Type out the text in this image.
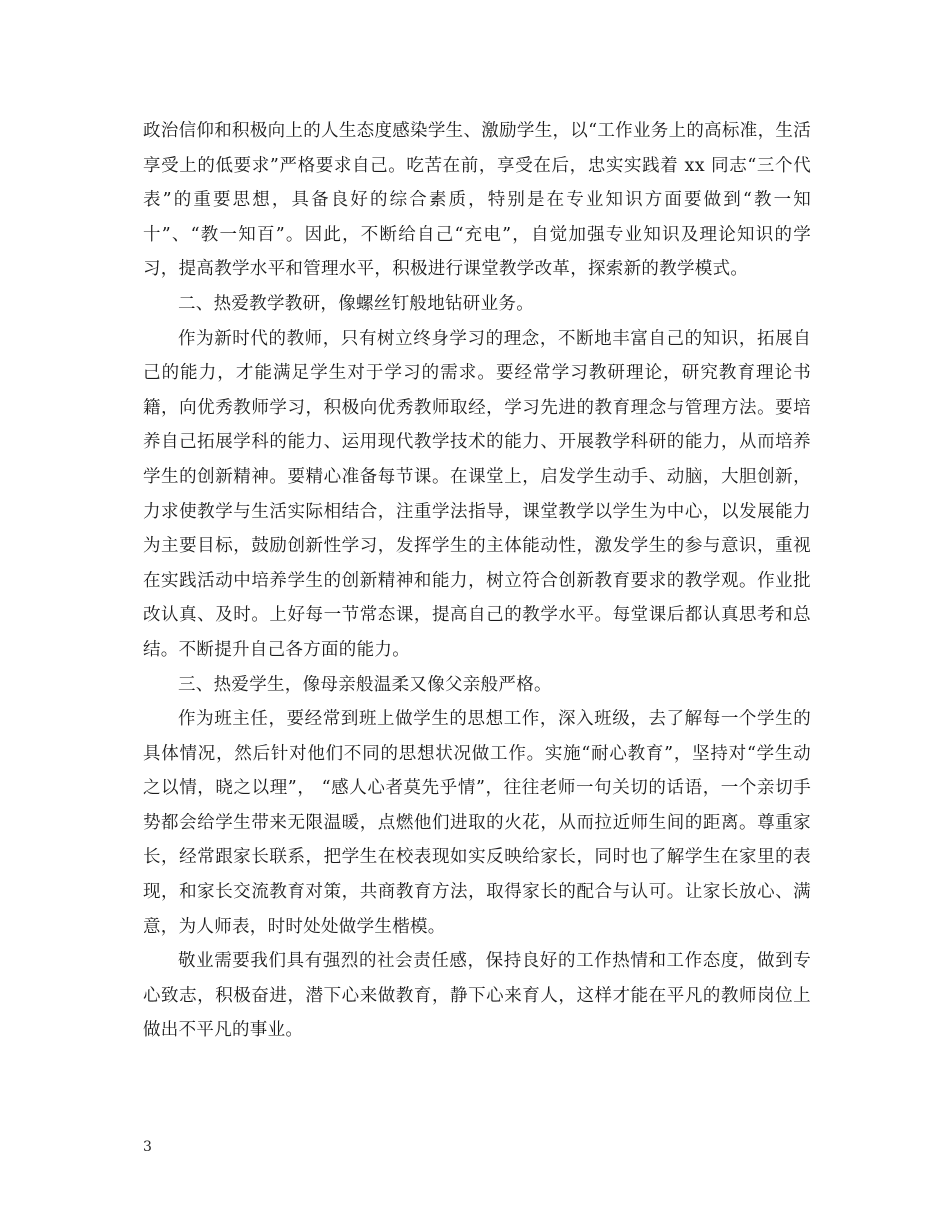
政治信仰和积极向上的人生态度感染学生、激励学生，以“工作业务上的高标准，生活享受上的低要求”严格要求自己。吃苦在前，享受在后，忠实实践着 xx 同志“三个代表”的重要思想，具备良好的综合素质，特别是在专业知识方面要做到“教一知十”、“教一知百”。因此，不断给自己“充电”，自觉加强专业知识及理论知识的学习，提高教学水平和管理水平，积极进行课堂教学改革，探索新的教学模式。

二、热爱教学教研，像螺丝钉般地钻研业务。

作为新时代的教师，只有树立终身学习的理念，不断地丰富自己的知识，拓展自己的能力，才能满足学生对于学习的需求。要经常学习教研理论，研究教育理论书籍，向优秀教师学习，积极向优秀教师取经，学习先进的教育理念与管理方法。要培养自己拓展学科的能力、运用现代教学技术的能力、开展教学科研的能力，从而培养学生的创新精神。要精心准备每节课。在课堂上，启发学生动手、动脑，大胆创新，力求使教学与生活实际相结合，注重学法指导，课堂教学以学生为中心，以发展能力为主要目标，鼓励创新性学习，发挥学生的主体能动性，激发学生的参与意识，重视在实践活动中培养学生的创新精神和能力，树立符合创新教育要求的教学观。作业批改认真、及时。上好每一节常态课，提高自己的教学水平。每堂课后都认真思考和总结。不断提升自己各方面的能力。

三、热爱学生，像母亲般温柔又像父亲般严格。

作为班主任，要经常到班上做学生的思想工作，深入班级，去了解每一个学生的具体情况，然后针对他们不同的思想状况做工作。实施“耐心教育”，坚持对“学生动之以情，晓之以理”， “感人心者莫先乎情”，往往老师一句关切的话语，一个亲切手势都会给学生带来无限温暖，点燃他们进取的火花，从而拉近师生间的距离。尊重家长，经常跟家长联系，把学生在校表现如实反映给家长，同时也了解学生在家里的表现，和家长交流教育对策，共商教育方法，取得家长的配合与认可。让家长放心、满意，为人师表，时时处处做学生楷模。

敬业需要我们具有强烈的社会责任感，保持良好的工作热情和工作态度，做到专心致志，积极奋进，潜下心来做教育，静下心来育人，这样才能在平凡的教师岗位上做出不平凡的事业。

3
